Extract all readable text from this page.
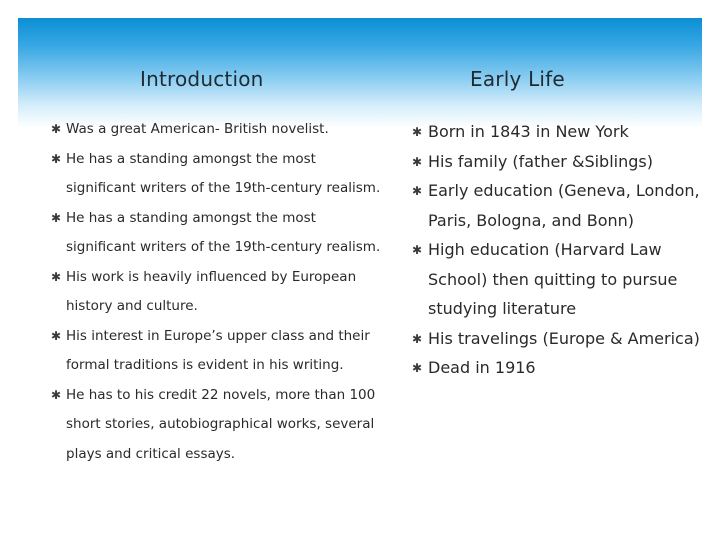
Introduction	Early Life
✱ Was a great American- British novelist.
✱ He has a standing amongst the most significant writers of the 19th-century realism.
✱ He has a standing amongst the most significant writers of the 19th-century realism.
✱ His work is heavily influenced by European history and culture.
✱ His interest in Europe’s upper class and their formal traditions is evident in his writing.
✱ He has to his credit 22 novels, more than 100 short stories, autobiographical works, several plays and critical essays.
✱ Born in 1843 in New York
✱ His family (father &Siblings)
✱ Early education (Geneva, London, Paris, Bologna, and Bonn)
✱ High education (Harvard Law School) then quitting to pursue studying literature
✱ His travelings (Europe & America)
✱ Dead in 1916
